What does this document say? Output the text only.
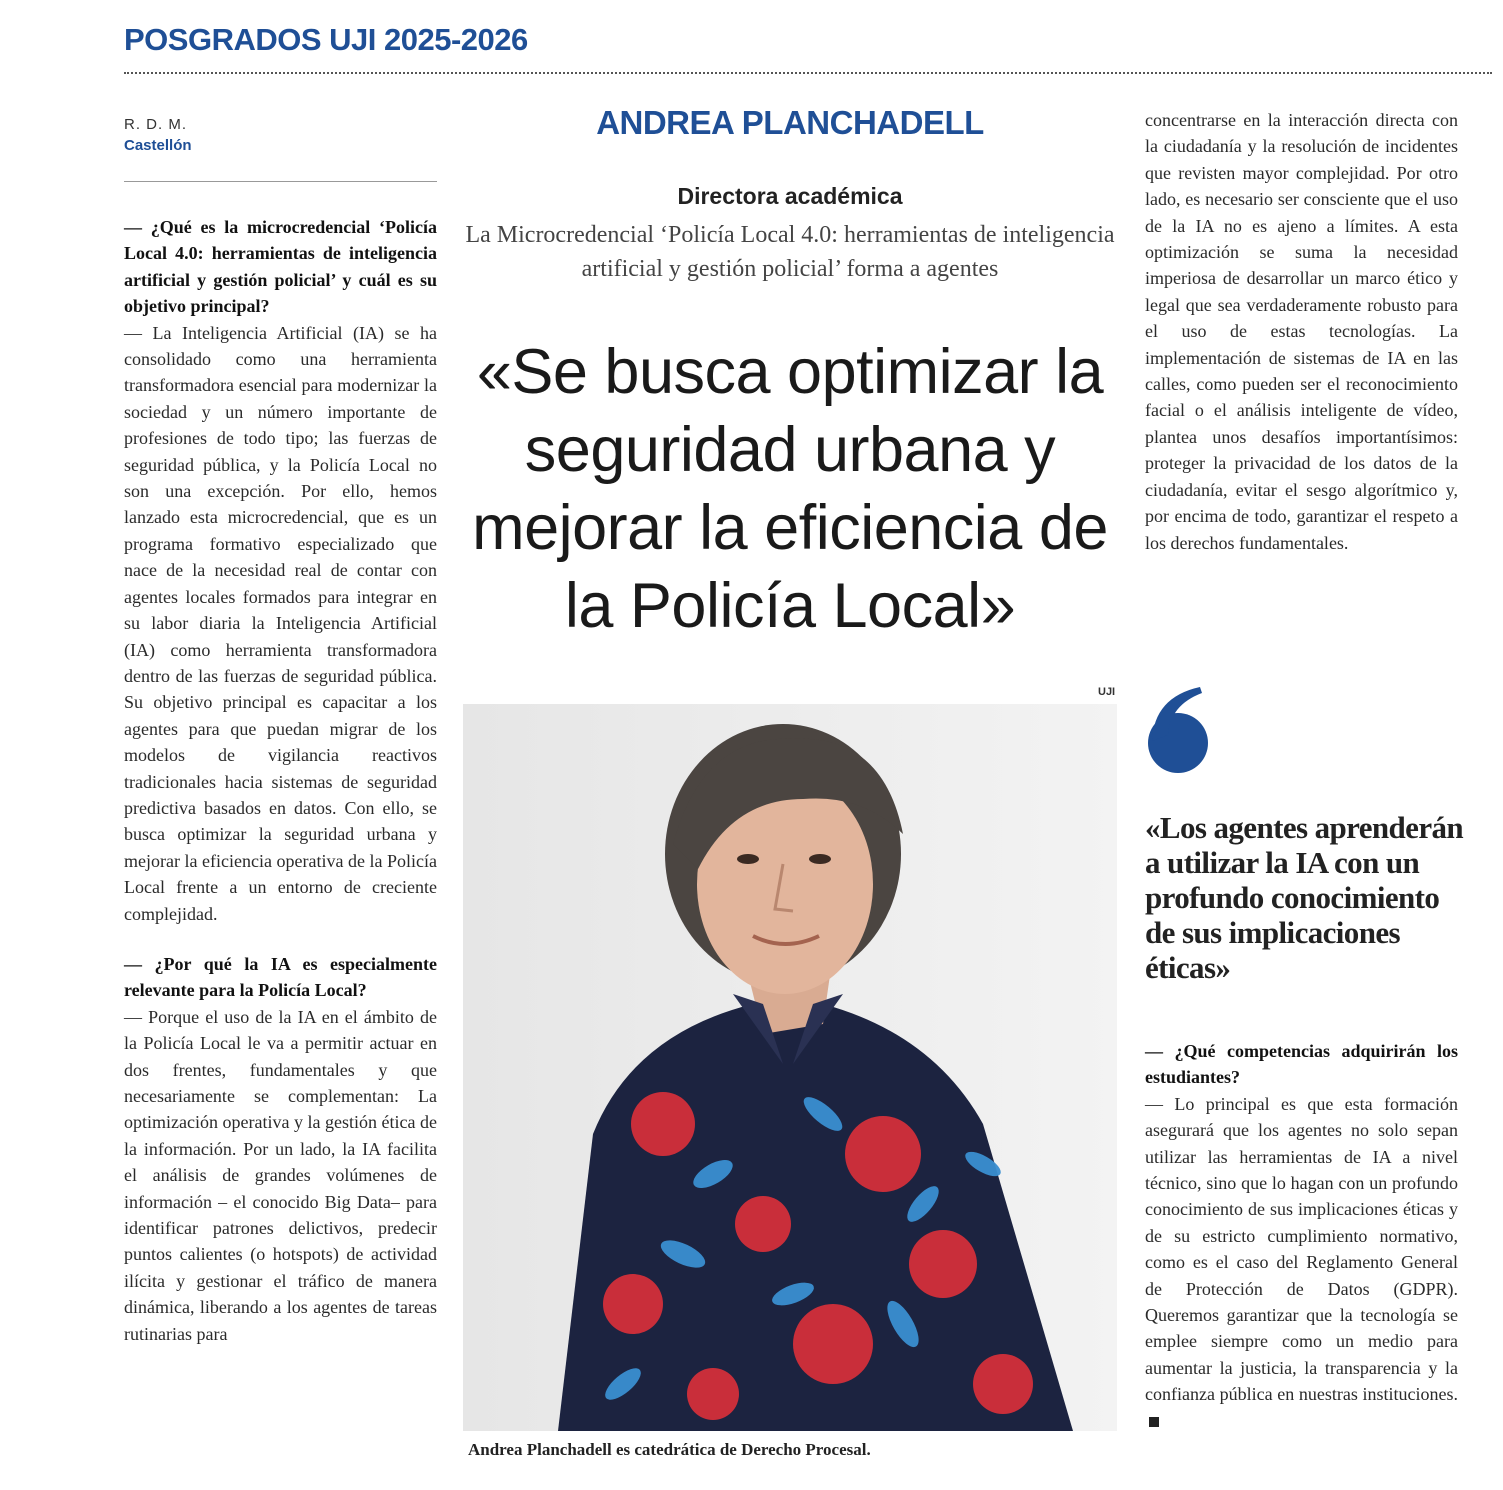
POSGRADOS UJI 2025-2026
R. D. M.
Castellón

— ¿Qué es la microcredencial ‘Policía Local 4.0: herramientas de inteligencia artificial y gestión policial’ y cuál es su objetivo principal?

— La Inteligencia Artificial (IA) se ha consolidado como una herramienta transformadora esencial para modernizar la sociedad y un número importante de profesiones de todo tipo; las fuerzas de seguridad pública, y la Policía Local no son una excepción. Por ello, hemos lanzado esta microcredencial, que es un programa formativo especializado que nace de la necesidad real de contar con agentes locales formados para integrar en su labor diaria la Inteligencia Artificial (IA) como herramienta transformadora dentro de las fuerzas de seguridad pública. Su objetivo principal es capacitar a los agentes para que puedan migrar de los modelos de vigilancia reactivos tradicionales hacia sistemas de seguridad predictiva basados en datos. Con ello, se busca optimizar la seguridad urbana y mejorar la eficiencia operativa de la Policía Local frente a un entorno de creciente complejidad.

— ¿Por qué la IA es especialmente relevante para la Policía Local?

— Porque el uso de la IA en el ámbito de la Policía Local le va a permitir actuar en dos frentes, fundamentales y que necesariamente se complementan: La optimización operativa y la gestión ética de la información. Por un lado, la IA facilita el análisis de grandes volúmenes de información – el conocido Big Data– para identificar patrones delictivos, predecir puntos calientes (o hotspots) de actividad ilícita y gestionar el tráfico de manera dinámica, liberando a los agentes de tareas rutinarias para

ANDREA PLANCHADELL
Directora académica
La Microcredencial ‘Policía Local 4.0: herramientas de inteligencia artificial y gestión policial’ forma a agentes
«Se busca optimizar la seguridad urbana y mejorar la eficiencia de la Policía Local»
UJI
Andrea Planchadell es catedrática de Derecho Procesal.

concentrarse en la interacción directa con la ciudadanía y la resolución de incidentes que revisten mayor complejidad. Por otro lado, es necesario ser consciente que el uso de la IA no es ajeno a límites. A esta optimización se suma la necesidad imperiosa de desarrollar un marco ético y legal que sea verdaderamente robusto para el uso de estas tecnologías. La implementación de sistemas de IA en las calles, como pueden ser el reconocimiento facial o el análisis inteligente de vídeo, plantea unos desafíos importantísimos: proteger la privacidad de los datos de la ciudadanía, evitar el sesgo algorítmico y, por encima de todo, garantizar el respeto a los derechos fundamentales.

«Los agentes aprenderán a utilizar la IA con un profundo conocimiento de sus implicaciones éticas»

— ¿Qué competencias adquirirán los estudiantes?

— Lo principal es que esta formación asegurará que los agentes no solo sepan utilizar las herramientas de IA a nivel técnico, sino que lo hagan con un profundo conocimiento de sus implicaciones éticas y de su estricto cumplimiento normativo, como es el caso del Reglamento General de Protección de Datos (GDPR). Queremos garantizar que la tecnología se emplee siempre como un medio para aumentar la justicia, la transparencia y la confianza pública en nuestras instituciones.
